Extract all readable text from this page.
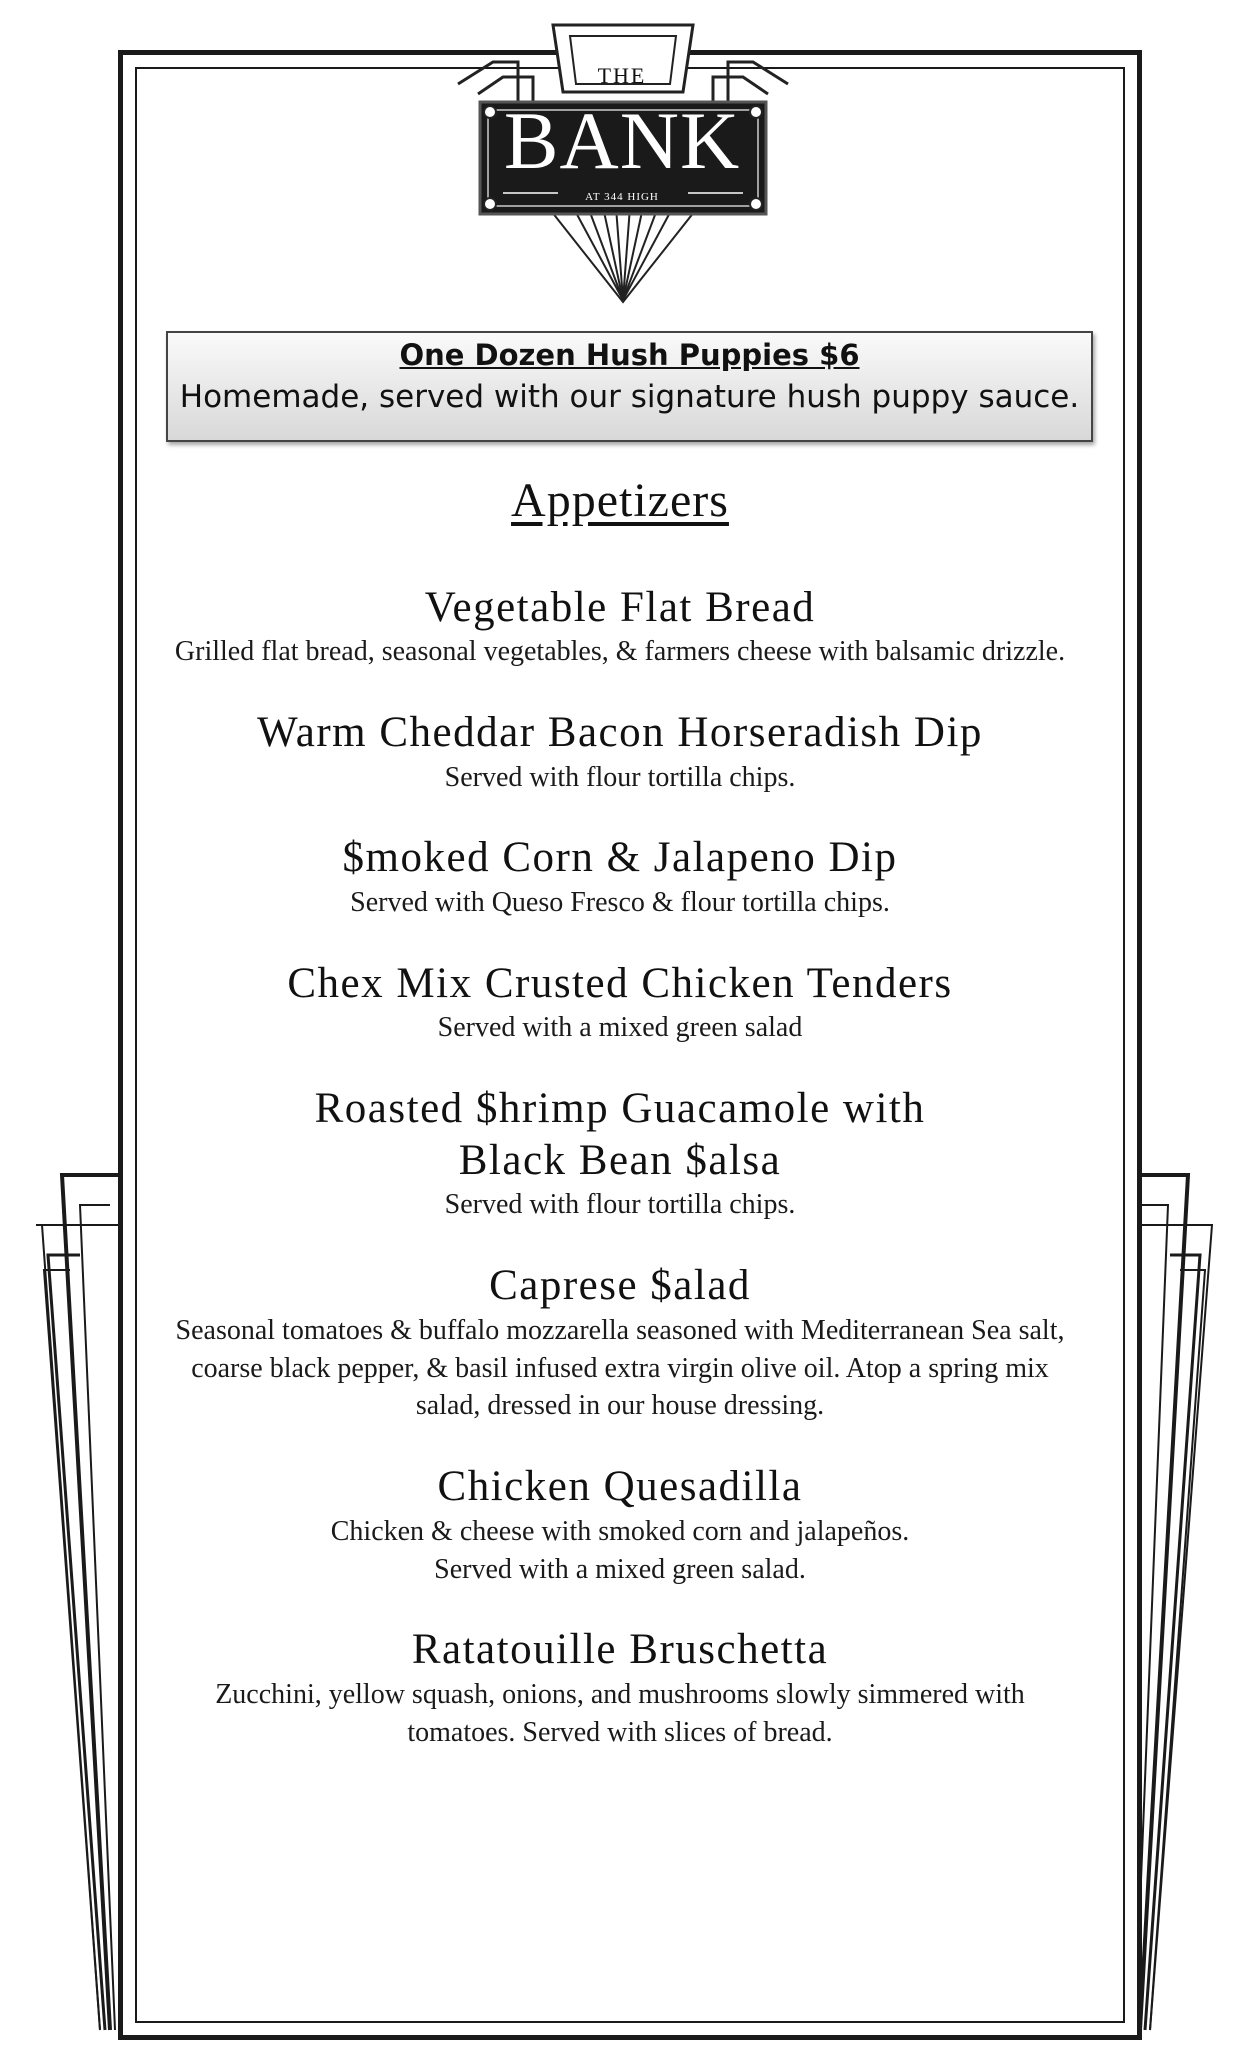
THE
BANK
AT 344 HIGH
One Dozen Hush Puppies $6
Homemade, served with our signature hush puppy sauce.
Appetizers

Vegetable Flat Bread

Grilled flat bread, seasonal vegetables, & farmers cheese with balsamic drizzle.

Warm Cheddar Bacon Horseradish Dip

Served with flour tortilla chips.

$moked Corn & Jalapeno Dip

Served with Queso Fresco & flour tortilla chips.

Chex Mix Crusted Chicken Tenders

Served with a mixed green salad

Roasted $hrimp Guacamole with Black Bean $alsa

Served with flour tortilla chips.

Caprese $alad

Seasonal tomatoes & buffalo mozzarella seasoned with Mediterranean Sea salt, coarse black pepper, & basil infused extra virgin olive oil. Atop a spring mix salad, dressed in our house dressing.

Chicken Quesadilla

Chicken & cheese with smoked corn and jalapeños. Served with a mixed green salad.

Ratatouille Bruschetta

Zucchini, yellow squash, onions, and mushrooms slowly simmered with tomatoes. Served with slices of bread.
